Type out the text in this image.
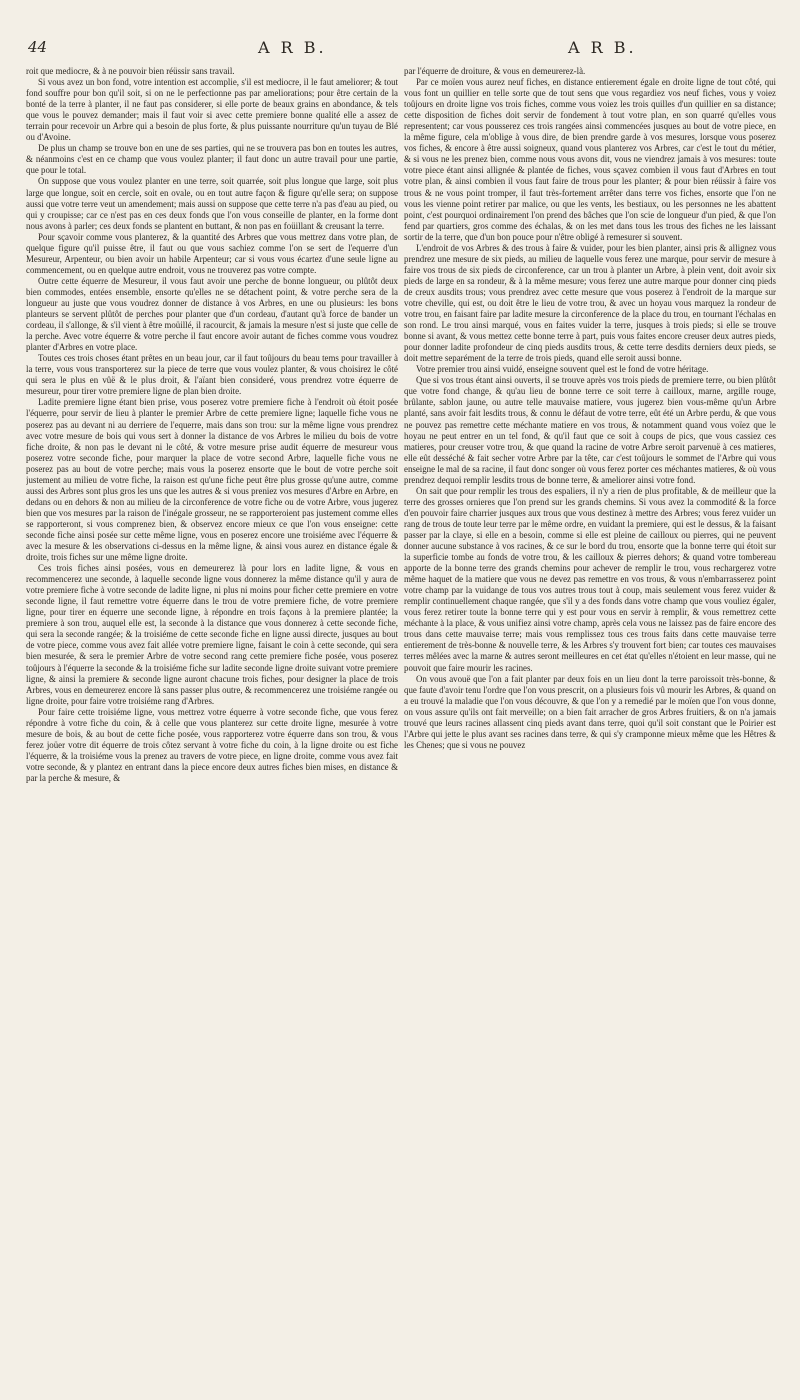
44	A R B.	A R B.

roit que mediocre, & à ne pouvoir bien réüssir sans travail.

Si vous avez un bon fond, votre intention est accomplie, s'il est mediocre, il le faut ameliorer; & tout fond souffre pour bon qu'il soit, si on ne le perfectionne pas par ameliorations; pour être certain de la bonté de la terre à planter, il ne faut pas considerer, si elle porte de beaux grains en abondance, & tels que vous le pouvez demander; mais il faut voir si avec cette premiere bonne qualité elle a assez de terrain pour recevoir un Arbre qui a besoin de plus forte, & plus puissante nourriture qu'un tuyau de Blé ou d'Avoine.

De plus un champ se trouve bon en une de ses parties, qui ne se trouvera pas bon en toutes les autres, & néanmoins c'est en ce champ que vous voulez planter; il faut donc un autre travail pour une partie, que pour le total.

On suppose que vous voulez planter en une terre, soit quarrée, soit plus longue que large, soit plus large que longue, soit en cercle, soit en ovale, ou en tout autre façon & figure qu'elle sera; on suppose aussi que votre terre veut un amendement; mais aussi on suppose que cette terre n'a pas d'eau au pied, ou qui y croupisse; car ce n'est pas en ces deux fonds que l'on vous conseille de planter, en la forme dont nous avons à parler; ces deux fonds se plantent en buttant, & non pas en foüillant & creusant la terre.

Pour sçavoir comme vous planterez, & la quantité des Arbres que vous mettrez dans votre plan, de quelque figure qu'il puisse être, il faut ou que vous sachiez comme l'on se sert de l'equerre d'un Mesureur, Arpenteur, ou bien avoir un habile Arpenteur; car si vous vous écartez d'une seule ligne au commencement, ou en quelque autre endroit, vous ne trouverez pas votre compte.

Outre cette équerre de Mesureur, il vous faut avoir une perche de bonne longueur, ou plûtôt deux bien commodes, entées ensemble, ensorte qu'elles ne se détachent point, & votre perche sera de la longueur au juste que vous voudrez donner de distance à vos Arbres, en une ou plusieurs: les bons planteurs se servent plûtôt de perches pour planter que d'un cordeau, d'autant qu'à force de bander un cordeau, il s'allonge, & s'il vient à être moüillé, il racourcit, & jamais la mesure n'est si juste que celle de la perche. Avec votre équerre & votre perche il faut encore avoir autant de fiches comme vous voudrez planter d'Arbres en votre place.

Toutes ces trois choses étant prêtes en un beau jour, car il faut toûjours du beau tems pour travailler à la terre, vous vous transporterez sur la piece de terre que vous voulez planter, & vous choisirez le côté qui sera le plus en vûë & le plus droit, & l'aïant bien consideré, vous prendrez votre équerre de mesureur, pour tirer votre premiere ligne de plan bien droite.

Ladite premiere ligne étant bien prise, vous poserez votre premiere fiche à l'endroit où étoit posée l'équerre, pour servir de lieu à planter le premier Arbre de cette premiere ligne; laquelle fiche vous ne poserez pas au devant ni au derriere de l'equerre, mais dans son trou: sur la même ligne vous prendrez avec votre mesure de bois qui vous sert à donner la distance de vos Arbres le milieu du bois de votre fiche droite, & non pas le devant ni le côté, & votre mesure prise audit équerre de mesureur vous poserez votre seconde fiche, pour marquer la place de votre second Arbre, laquelle fiche vous ne poserez pas au bout de votre perche; mais vous la poserez ensorte que le bout de votre perche soit justement au milieu de votre fiche, la raison est qu'une fiche peut être plus grosse qu'une autre, comme aussi des Arbres sont plus gros les uns que les autres & si vous preniez vos mesures d'Arbre en Arbre, en dedans ou en dehors & non au milieu de la circonference de votre fiche ou de votre Arbre, vous jugerez bien que vos mesures par la raison de l'inégale grosseur, ne se rapporteroient pas justement comme elles se rapporteront, si vous comprenez bien, & observez encore mieux ce que l'on vous enseigne: cette seconde fiche ainsi posée sur cette même ligne, vous en poserez encore une troisiéme avec l'équerre & avec la mesure & les observations ci-dessus en la même ligne, & ainsi vous aurez en distance égale & droite, trois fiches sur une même ligne droite.

Ces trois fiches ainsi posées, vous en demeurerez là pour lors en ladite ligne, & vous en recommencerez une seconde, à laquelle seconde ligne vous donnerez la même distance qu'il y aura de votre premiere fiche à votre seconde de ladite ligne, ni plus ni moins pour ficher cette premiere en votre seconde ligne, il faut remettre votre équerre dans le trou de votre premiere fiche, de votre premiere ligne, pour tirer en équerre une seconde ligne, à répondre en trois façons à la premiere plantée; la premiere à son trou, auquel elle est, la seconde à la distance que vous donnerez à cette seconde fiche, qui sera la seconde rangée; & la troisiéme de cette seconde fiche en ligne aussi directe, jusques au bout de votre piece, comme vous avez fait allée votre premiere ligne, faisant le coin à cette seconde, qui sera bien mesurée, & sera le premier Arbre de votre second rang cette premiere fiche posée, vous poserez toûjours à l'équerre la seconde & la troisiéme fiche sur ladite seconde ligne droite suivant votre premiere ligne, & ainsi la premiere & seconde ligne auront chacune trois fiches, pour designer la place de trois Arbres, vous en demeurerez encore là sans passer plus outre, & recommencerez une troisiéme rangée ou ligne droite, pour faire votre troisiéme rang d'Arbres.

Pour faire cette troisiéme ligne, vous mettrez votre équerre à votre seconde fiche, que vous ferez répondre à votre fiche du coin, & à celle que vous planterez sur cette droite ligne, mesurée à votre mesure de bois, & au bout de cette fiche posée, vous rapporterez votre équerre dans son trou, & vous ferez joüer votre dit équerre de trois côtez servant à votre fiche du coin, à la ligne droite ou est fiche l'équerre, & la troisiéme vous la prenez au travers de votre piece, en ligne droite, comme vous avez fait votre seconde, & y plantez en entrant dans la piece encore deux autres fiches bien mises, en distance & par la perche & mesure, &

par l'équerre de droiture, & vous en demeurerez-là.

Par ce moïen vous aurez neuf fiches, en distance entierement égale en droite ligne de tout côté, qui vous font un quillier en telle sorte que de tout sens que vous regardiez vos neuf fiches, vous y voiez toûjours en droite ligne vos trois fiches, comme vous voiez les trois quilles d'un quillier en sa distance; cette disposition de fiches doit servir de fondement à tout votre plan, en son quarré qu'elles vous representent; car vous pousserez ces trois rangées ainsi commencées jusques au bout de votre piece, en la même figure, cela m'oblige à vous dire, de bien prendre garde à vos mesures, lorsque vous poserez vos fiches, & encore à être aussi soigneux, quand vous planterez vos Arbres, car c'est le tout du métier, & si vous ne les prenez bien, comme nous vous avons dit, vous ne viendrez jamais à vos mesures: toute votre piece étant ainsi allignée & plantée de fiches, vous sçavez combien il vous faut d'Arbres en tout votre plan, & ainsi combien il vous faut faire de trous pour les planter; & pour bien réüssir à faire vos trous & ne vous point tromper, il faut très-fortement arrêter dans terre vos fiches, ensorte que l'on ne vous les vienne point retirer par malice, ou que les vents, les bestiaux, ou les personnes ne les abattent point, c'est pourquoi ordinairement l'on prend des bâches que l'on scie de longueur d'un pied, & que l'on fend par quartiers, gros comme des échalas, & on les met dans tous les trous des fiches ne les laissant sortir de la terre, que d'un bon pouce pour n'être obligé à remesurer si souvent.

L'endroit de vos Arbres & des trous à faire & vuider, pour les bien planter, ainsi pris & allignez vous prendrez une mesure de six pieds, au milieu de laquelle vous ferez une marque, pour servir de mesure à faire vos trous de six pieds de circonference, car un trou à planter un Arbre, à plein vent, doit avoir six pieds de large en sa rondeur, & à la même mesure; vous ferez une autre marque pour donner cinq pieds de creux ausdits trous; vous prendrez avec cette mesure que vous poserez à l'endroit de la marque sur votre cheville, qui est, ou doit être le lieu de votre trou, & avec un hoyau vous marquez la rondeur de votre trou, en faisant faire par ladite mesure la circonference de la place du trou, en tournant l'échalas en son rond. Le trou ainsi marqué, vous en faites vuider la terre, jusques à trois pieds; si elle se trouve bonne si avant, & vous mettez cette bonne terre à part, puis vous faites encore creuser deux autres pieds, pour donner ladite profondeur de cinq pieds ausdits trous, & cette terre desdits derniers deux pieds, se doit mettre separément de la terre de trois pieds, quand elle seroit aussi bonne.

Votre premier trou ainsi vuidé, enseigne souvent quel est le fond de votre héritage.

Que si vos trous étant ainsi ouverts, il se trouve après vos trois pieds de premiere terre, ou bien plûtôt que votre fond change, & qu'au lieu de bonne terre ce soit terre à cailloux, marne, argille rouge, brûlante, sablon jaune, ou autre telle mauvaise matiere, vous jugerez bien vous-même qu'un Arbre planté, sans avoir fait lesdits trous, & connu le défaut de votre terre, eût été un Arbre perdu, & que vous ne pouvez pas remettre cette méchante matiere en vos trous, & notamment quand vous voïez que le hoyau ne peut entrer en un tel fond, & qu'il faut que ce soit à coups de pics, que vous cassiez ces matieres, pour creuser votre trou, & que quand la racine de votre Arbre seroit parvenuë à ces matieres, elle eût desséché & fait secher votre Arbre par la tête, car c'est toûjours le sommet de l'Arbre qui vous enseigne le mal de sa racine, il faut donc songer où vous ferez porter ces méchantes matieres, & où vous prendrez dequoi remplir lesdits trous de bonne terre, & ameliorer ainsi votre fond.

On sait que pour remplir les trous des espaliers, il n'y a rien de plus profitable, & de meilleur que la terre des grosses ornieres que l'on prend sur les grands chemins. Si vous avez la commodité & la force d'en pouvoir faire charrier jusques aux trous que vous destinez à mettre des Arbres; vous ferez vuider un rang de trous de toute leur terre par le même ordre, en vuidant la premiere, qui est le dessus, & la faisant passer par la claye, si elle en a besoin, comme si elle est pleine de cailloux ou pierres, qui ne peuvent donner aucune substance à vos racines, & ce sur le bord du trou, ensorte que la bonne terre qui étoit sur la superficie tombe au fonds de votre trou, & les cailloux & pierres dehors; & quand votre tombereau apporte de la bonne terre des grands chemins pour achever de remplir le trou, vous rechargerez votre même haquet de la matiere que vous ne devez pas remettre en vos trous, & vous n'embarrasserez point votre champ par la vuidange de tous vos autres trous tout à coup, mais seulement vous ferez vuider & remplir continuellement chaque rangée, que s'il y a des fonds dans votre champ que vous vouliez égaler, vous ferez retirer toute la bonne terre qui y est pour vous en servir à remplir, & vous remettrez cette méchante à la place, & vous unifiez ainsi votre champ, après cela vous ne laissez pas de faire encore des trous dans cette mauvaise terre; mais vous remplissez tous ces trous faits dans cette mauvaise terre entierement de très-bonne & nouvelle terre, & les Arbres s'y trouvent fort bien; car toutes ces mauvaises terres mêlées avec la marne & autres seront meilleures en cet état qu'elles n'étoient en leur masse, qui ne pouvoit que faire mourir les racines.

On vous avouë que l'on a fait planter par deux fois en un lieu dont la terre paroissoit très-bonne, & que faute d'avoir tenu l'ordre que l'on vous prescrit, on a plusieurs fois vû mourir les Arbres, & quand on a eu trouvé la maladie que l'on vous découvre, & que l'on y a remedié par le moïen que l'on vous donne, on vous assure qu'ils ont fait merveille; on a bien fait arracher de gros Arbres fruitiers, & on n'a jamais trouvé que leurs racines allassent cinq pieds avant dans terre, quoi qu'il soit constant que le Poirier est l'Arbre qui jette le plus avant ses racines dans terre, & qui s'y cramponne mieux même que les Hêtres & les Chenes; que si vous ne pouvez
